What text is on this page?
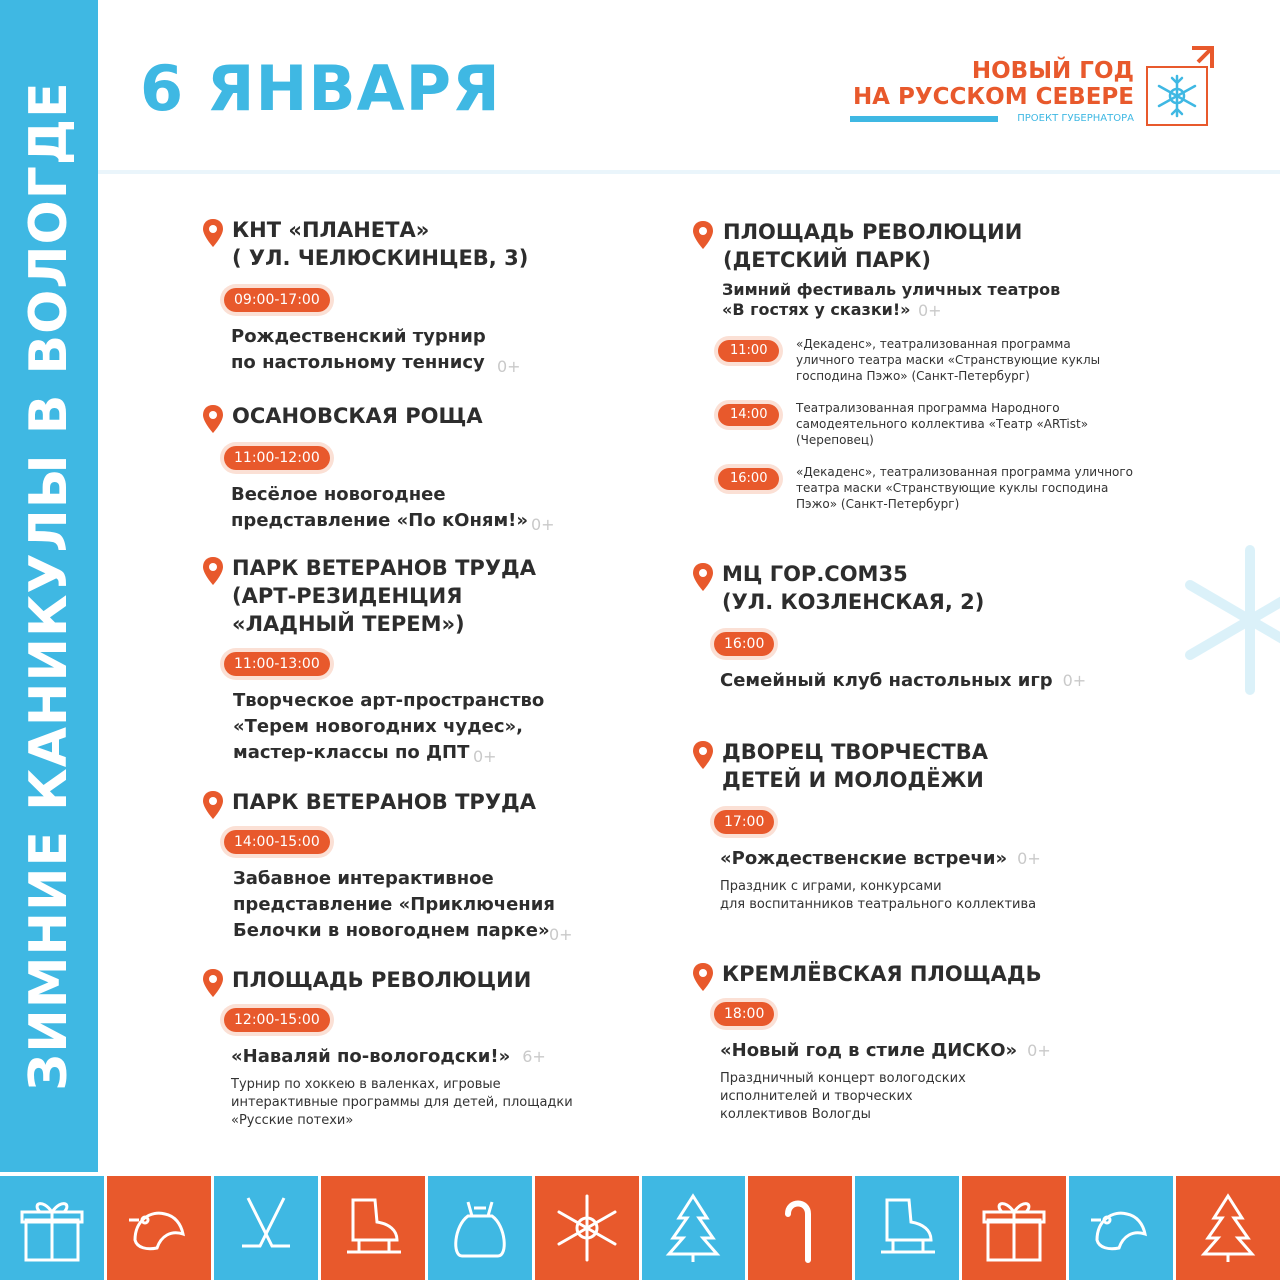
ЗИМНИЕ КАНИКУЛЫ В ВОЛОГДЕ 6 ЯНВАРЯ	НОВЫЙ ГОД
НА РУССКОМ СЕВЕРЕ
ПРОЕКТ ГУБЕРНАТОРА
КНТ «ПЛАНЕТА»
( УЛ. ЧЕЛЮСКИНЦЕВ, 3)
09:00-17:00
Рождественский турнир
по настольному теннису 0+
ОСАНОВСКАЯ РОЩА
11:00-12:00
Весёлое новогоднее
представление «По кОням!» 0+
ПАРК ВЕТЕРАНОВ ТРУДА
(АРТ-РЕЗИДЕНЦИЯ
«ЛАДНЫЙ ТЕРЕМ»)
11:00-13:00
Творческое арт-пространство
«Терем новогодних чудес»,
мастер-классы по ДПТ 0+
ПАРК ВЕТЕРАНОВ ТРУДА
14:00-15:00
Забавное интерактивное
представление «Приключения
Белочки в новогоднем парке» 0+
ПЛОЩАДЬ РЕВОЛЮЦИИ
12:00-15:00
«Наваляй по-вологодски!» 6+
Турнир по хоккею в валенках, игровые
интерактивные программы для детей, площадки
«Русские потехи»
ПЛОЩАДЬ РЕВОЛЮЦИИ
(ДЕТСКИЙ ПАРК)
Зимний фестиваль уличных театров
«В гостях у сказки!» 0+
11:00	«Декаденс», театрализованная программа
уличного театра маски «Странствующие куклы
господина Пэжо» (Санкт-Петербург)
14:00	Театрализованная программа Народного
самодеятельного коллектива «Театр «ARTist»
(Череповец)
16:00	«Декаденс», театрализованная программа уличного
театра маски «Странствующие куклы господина
Пэжо» (Санкт-Петербург)
МЦ ГОР.СОМ35
(УЛ. КОЗЛЕНСКАЯ, 2)
16:00
Семейный клуб настольных игр 0+
ДВОРЕЦ ТВОРЧЕСТВА
ДЕТЕЙ И МОЛОДЁЖИ
17:00
«Рождественские встречи» 0+
Праздник с играми, конкурсами
для воспитанников театрального коллектива
КРЕМЛЁВСКАЯ ПЛОЩАДЬ
18:00
«Новый год в стиле ДИСКО» 0+
Праздничный концерт вологодских
исполнителей и творческих
коллективов Вологды
